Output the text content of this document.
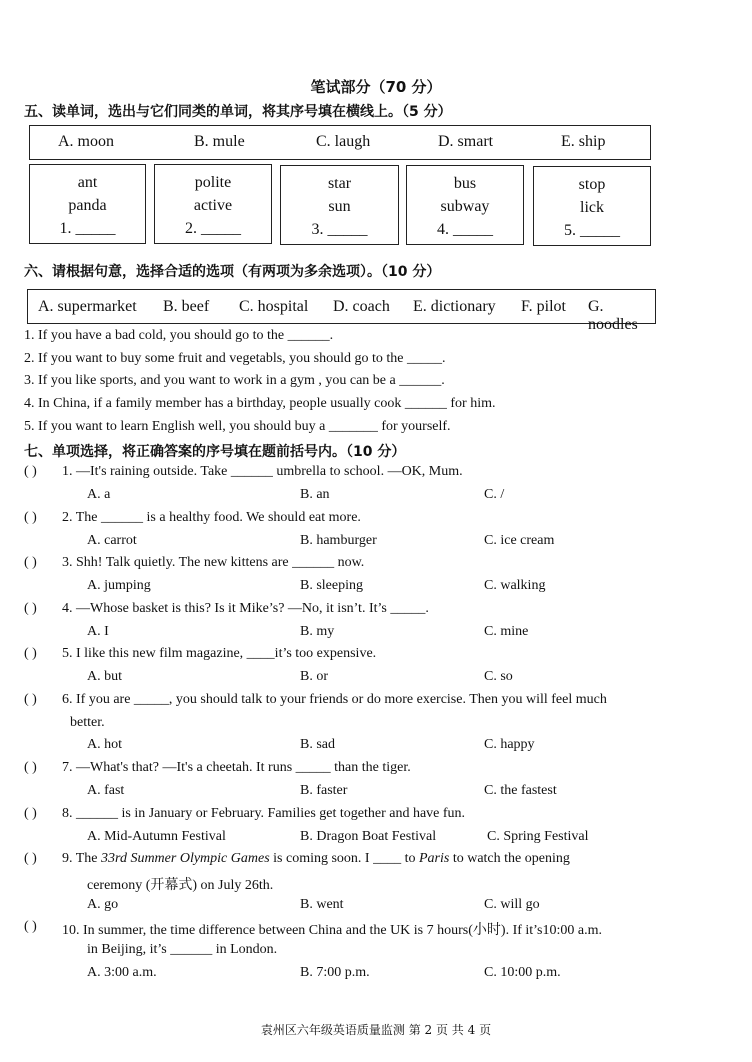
笔试部分（70 分）
五、读单词，选出与它们同类的单词，将其序号填在横线上。（5 分）
A. moon	B. mule	C. laugh	D. smart	E. ship
ant
panda
1. _____
polite
active
2. _____
star
sun
3. _____
bus
subway
4. _____
stop
lick
5. _____
六、请根据句意，选择合适的选项（有两项为多余选项）。（10 分）
A. supermarket B. beef C. hospital D. coach E. dictionary F. pilot G. noodles
1. If you have a bad cold, you should go to the ______.
2. If you want to buy some fruit and vegetabls, you should go to the _____.
3. If you like sports, and you want to work in a gym , you can be a ______.
4. In China, if a family member has a birthday, people usually cook ______ for him.
5. If you want to learn English well, you should buy a _______ for yourself.
七、单项选择，将正确答案的序号填在题前括号内。（10 分）
( ) 1. —It's raining outside. Take ______ umbrella to school. —OK, Mum.
A. a	B. an	C. /
( ) 2. The ______ is a healthy food. We should eat more.
A. carrot	B. hamburger	C. ice cream
( ) 3. Shh! Talk quietly. The new kittens are ______ now.
A. jumping	B. sleeping	C. walking
( ) 4. —Whose basket is this? Is it Mike’s? —No, it isn’t. It’s _____.
A. I	B. my	C. mine
( ) 5. I like this new film magazine, ____it’s too expensive.
A. but	B. or	C. so
( ) 6. If you are _____, you should talk to your friends or do more exercise. Then you will feel much
better.
A. hot	B. sad	C. happy
( ) 7. —What's that? —It's a cheetah. It runs _____ than the tiger.
A. fast	B. faster	C. the fastest
( ) 8. ______ is in January or February. Families get together and have fun.
A. Mid-Autumn Festival	B. Dragon Boat Festival	C. Spring Festival
( ) 9. The 33rd Summer Olympic Games is coming soon. I ____ to Paris to watch the opening
ceremony (开幕式) on July 26th.
A. go	B. went	C. will go
( ) 10. In summer, the time difference between China and the UK is 7 hours(小时). If it’s10:00 a.m.
in Beijing, it’s ______ in London.
A. 3:00 a.m.	B. 7:00 p.m.	C. 10:00 p.m.
袁州区六年级英语质量监测 第 2 页 共 4 页
